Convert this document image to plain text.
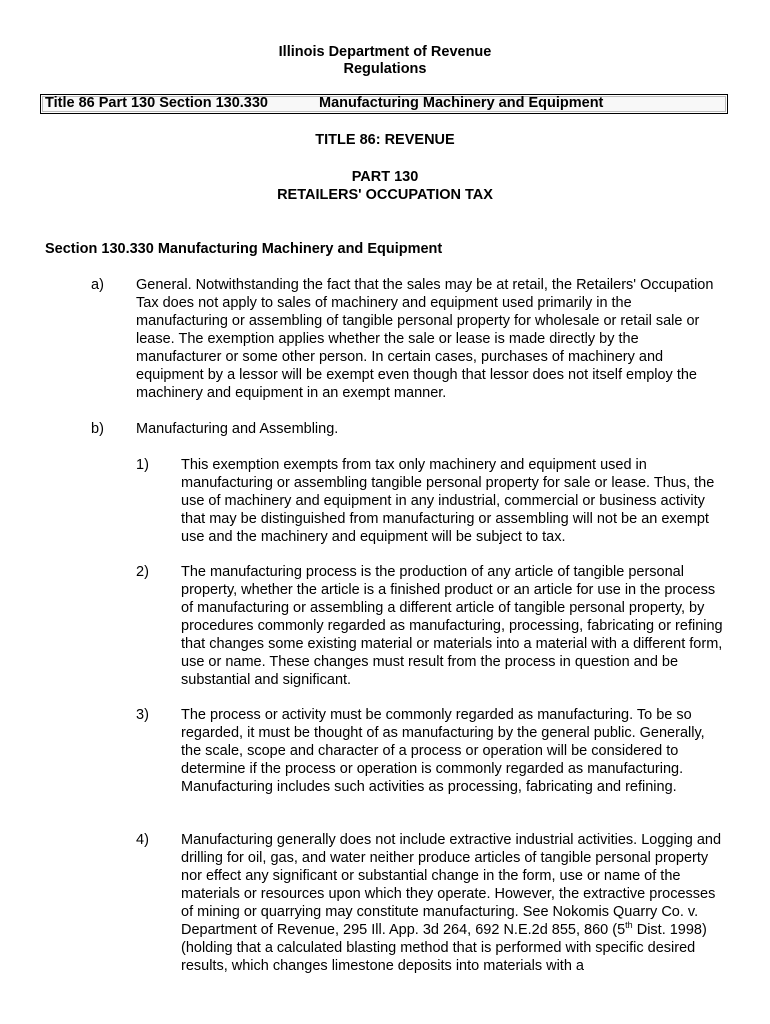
Illinois Department of Revenue
Regulations
Title 86 Part 130 Section 130.330	Manufacturing Machinery and Equipment
TITLE 86: REVENUE
PART 130
RETAILERS' OCCUPATION TAX
Section 130.330 Manufacturing Machinery and Equipment
a) General. Notwithstanding the fact that the sales may be at retail, the Retailers' Occupation Tax does not apply to sales of machinery and equipment used primarily in the manufacturing or assembling of tangible personal property for wholesale or retail sale or lease. The exemption applies whether the sale or lease is made directly by the manufacturer or some other person. In certain cases, purchases of machinery and equipment by a lessor will be exempt even though that lessor does not itself employ the machinery and equipment in an exempt manner.
b) Manufacturing and Assembling.
1) This exemption exempts from tax only machinery and equipment used in manufacturing or assembling tangible personal property for sale or lease. Thus, the use of machinery and equipment in any industrial, commercial or business activity that may be distinguished from manufacturing or assembling will not be an exempt use and the machinery and equipment will be subject to tax.
2) The manufacturing process is the production of any article of tangible personal property, whether the article is a finished product or an article for use in the process of manufacturing or assembling a different article of tangible personal property, by procedures commonly regarded as manufacturing, processing, fabricating or refining that changes some existing material or materials into a material with a different form, use or name. These changes must result from the process in question and be substantial and significant.
3) The process or activity must be commonly regarded as manufacturing. To be so regarded, it must be thought of as manufacturing by the general public. Generally, the scale, scope and character of a process or operation will be considered to determine if the process or operation is commonly regarded as manufacturing. Manufacturing includes such activities as processing, fabricating and refining.
4) Manufacturing generally does not include extractive industrial activities. Logging and drilling for oil, gas, and water neither produce articles of tangible personal property nor effect any significant or substantial change in the form, use or name of the materials or resources upon which they operate. However, the extractive processes of mining or quarrying may constitute manufacturing. See Nokomis Quarry Co. v. Department of Revenue, 295 Ill. App. 3d 264, 692 N.E.2d 855, 860 (5th Dist. 1998) (holding that a calculated blasting method that is performed with specific desired results, which changes limestone deposits into materials with a
